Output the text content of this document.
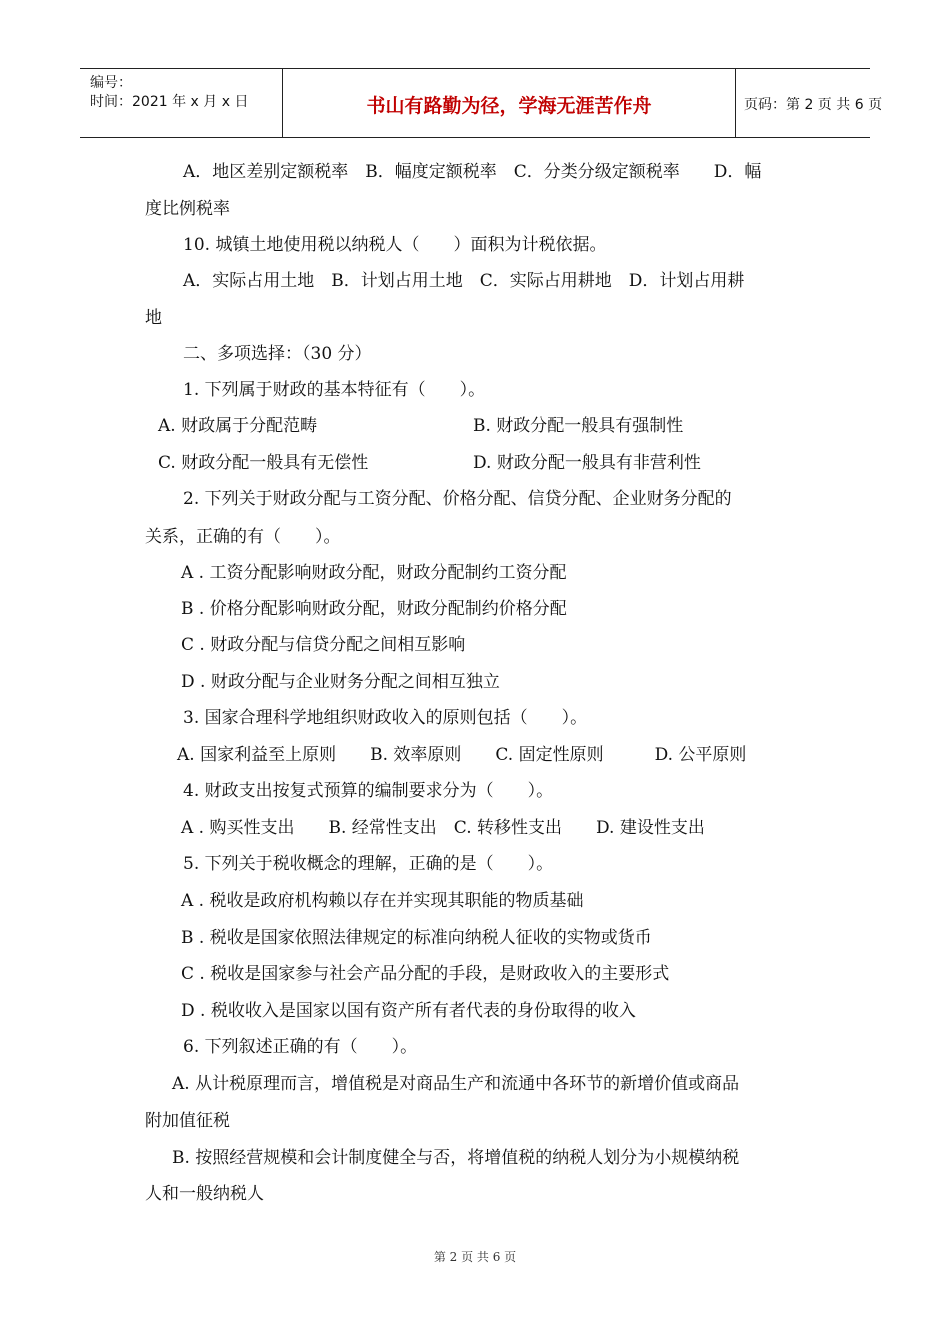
编号：
时间：2021 年 x 月 x 日	书山有路勤为径，学海无涯苦作舟	页码：第 2 页 共 6 页
A．地区差别定额税率　B．幅度定额税率　C．分类分级定额税率　　D．幅
度比例税率
10. 城镇土地使用税以纳税人（　　）面积为计税依据。
A．实际占用土地　B．计划占用土地　C．实际占用耕地　D．计划占用耕
地
二、多项选择：（30 分）
1. 下列属于财政的基本特征有（　　）。
A. 财政属于分配范畴	B. 财政分配一般具有强制性
C. 财政分配一般具有无偿性	D. 财政分配一般具有非营利性
2. 下列关于财政分配与工资分配、价格分配、信贷分配、企业财务分配的
关系，正确的有（　　）。
A . 工资分配影响财政分配，财政分配制约工资分配
B . 价格分配影响财政分配，财政分配制约价格分配
C . 财政分配与信贷分配之间相互影响
D . 财政分配与企业财务分配之间相互独立
3. 国家合理科学地组织财政收入的原则包括（　　）。
A. 国家利益至上原则　　B. 效率原则　　C. 固定性原则　　　D. 公平原则
4. 财政支出按复式预算的编制要求分为（　　）。
A . 购买性支出　　B. 经常性支出　C. 转移性支出　　D. 建设性支出
5. 下列关于税收概念的理解，正确的是（　　）。
A . 税收是政府机构赖以存在并实现其职能的物质基础
B . 税收是国家依照法律规定的标准向纳税人征收的实物或货币
C . 税收是国家参与社会产品分配的手段，是财政收入的主要形式
D . 税收收入是国家以国有资产所有者代表的身份取得的收入
6. 下列叙述正确的有（　　）。
A. 从计税原理而言，增值税是对商品生产和流通中各环节的新增价值或商品
附加值征税
B. 按照经营规模和会计制度健全与否，将增值税的纳税人划分为小规模纳税
人和一般纳税人
第 2 页 共 6 页
